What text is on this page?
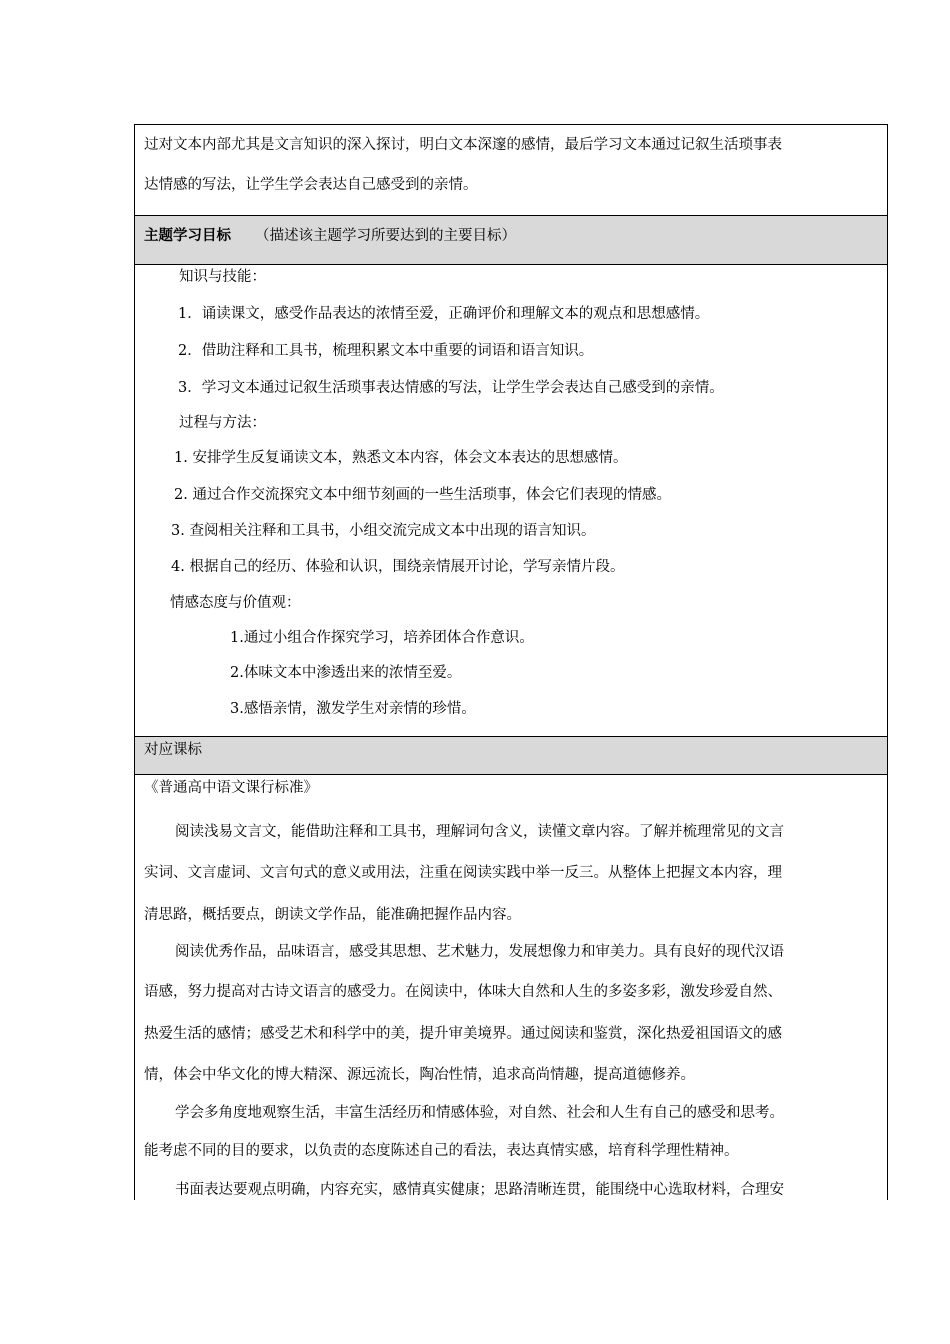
过对文本内部尤其是文言知识的深入探讨，明白文本深邃的感情，最后学习文本通过记叙生活琐事表
达情感的写法，让学生学会表达自己感受到的亲情。
主题学习目标 （描述该主题学习所要达到的主要目标）
知识与技能：
1．诵读课文，感受作品表达的浓情至爱，正确评价和理解文本的观点和思想感情。
2．借助注释和工具书，梳理积累文本中重要的词语和语言知识。
3．学习文本通过记叙生活琐事表达情感的写法，让学生学会表达自己感受到的亲情。
过程与方法：
1. 安排学生反复诵读文本，熟悉文本内容，体会文本表达的思想感情。
2. 通过合作交流探究文本中细节刻画的一些生活琐事，体会它们表现的情感。
3. 查阅相关注释和工具书，小组交流完成文本中出现的语言知识。
4. 根据自己的经历、体验和认识，围绕亲情展开讨论，学写亲情片段。
情感态度与价值观：
1.通过小组合作探究学习，培养团体合作意识。
2.体味文本中渗透出来的浓情至爱。
3.感悟亲情，激发学生对亲情的珍惜。
对应课标
《普通高中语文课行标准》
阅读浅易文言文，能借助注释和工具书，理解词句含义，读懂文章内容。了解并梳理常见的文言
实词、文言虚词、文言句式的意义或用法，注重在阅读实践中举一反三。从整体上把握文本内容，理
清思路，概括要点，朗读文学作品，能准确把握作品内容。
阅读优秀作品，品味语言，感受其思想、艺术魅力，发展想像力和审美力。具有良好的现代汉语
语感，努力提高对古诗文语言的感受力。在阅读中，体味大自然和人生的多姿多彩，激发珍爱自然、
热爱生活的感情；感受艺术和科学中的美，提升审美境界。通过阅读和鉴赏，深化热爱祖国语文的感
情，体会中华文化的博大精深、源远流长，陶冶性情，追求高尚情趣，提高道德修养。
学会多角度地观察生活，丰富生活经历和情感体验，对自然、社会和人生有自己的感受和思考。
能考虑不同的目的要求，以负责的态度陈述自己的看法，表达真情实感，培育科学理性精神。
书面表达要观点明确，内容充实，感情真实健康；思路清晰连贯，能围绕中心选取材料，合理安
